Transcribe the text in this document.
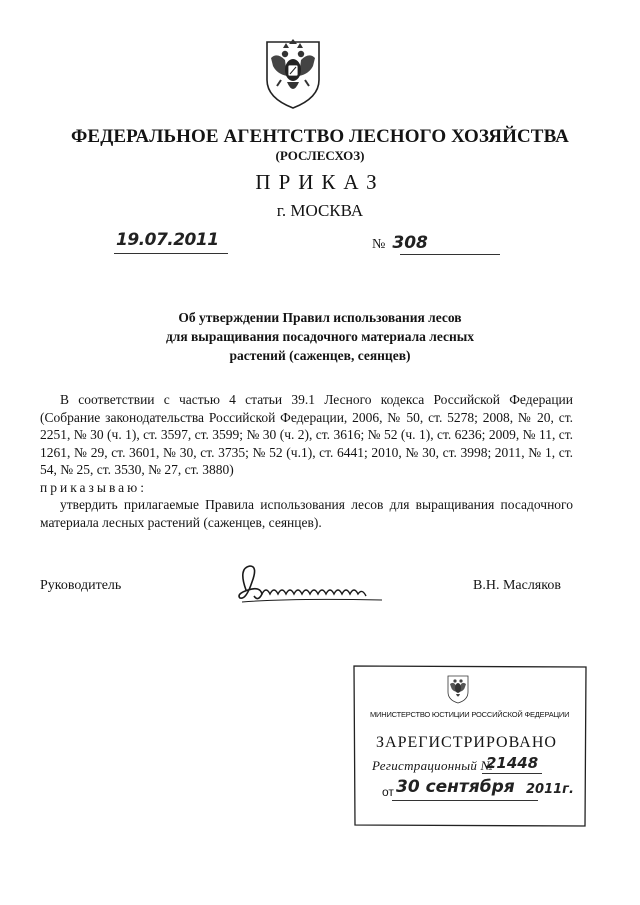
ФЕДЕРАЛЬНОЕ АГЕНТСТВО ЛЕСНОГО ХОЗЯЙСТВА
(РОСЛЕСХОЗ)
ПРИКАЗ
г. МОСКВА
19.07.2011	№ 308
Об утверждении Правил использования лесов
для выращивания посадочного материала лесных
растений (саженцев, сеянцев)

В соответствии с частью 4 статьи 39.1 Лесного кодекса Российской Федерации (Собрание законодательства Российской Федерации, 2006, № 50, ст. 5278; 2008, № 20, ст. 2251, № 30 (ч. 1), ст. 3597, ст. 3599; № 30 (ч. 2), ст. 3616; № 52 (ч. 1), ст. 6236; 2009, № 11, ст. 1261, № 29, ст. 3601, № 30, ст. 3735; № 52 (ч.1), ст. 6441; 2010, № 30, ст. 3998; 2011, № 1, ст. 54, № 25, ст. 3530, № 27, ст. 3880)

приказываю:

утвердить прилагаемые Правила использования лесов для выращивания посадочного материала лесных растений (саженцев, сеянцев).

Руководитель	В.Н. Масляков
МИНИСТЕРСТВО ЮСТИЦИИ РОССИЙСКОЙ ФЕДЕРАЦИИ
ЗАРЕГИСТРИРОВАНО
Регистрационный №
21448
от 30 сентября 2011г.
